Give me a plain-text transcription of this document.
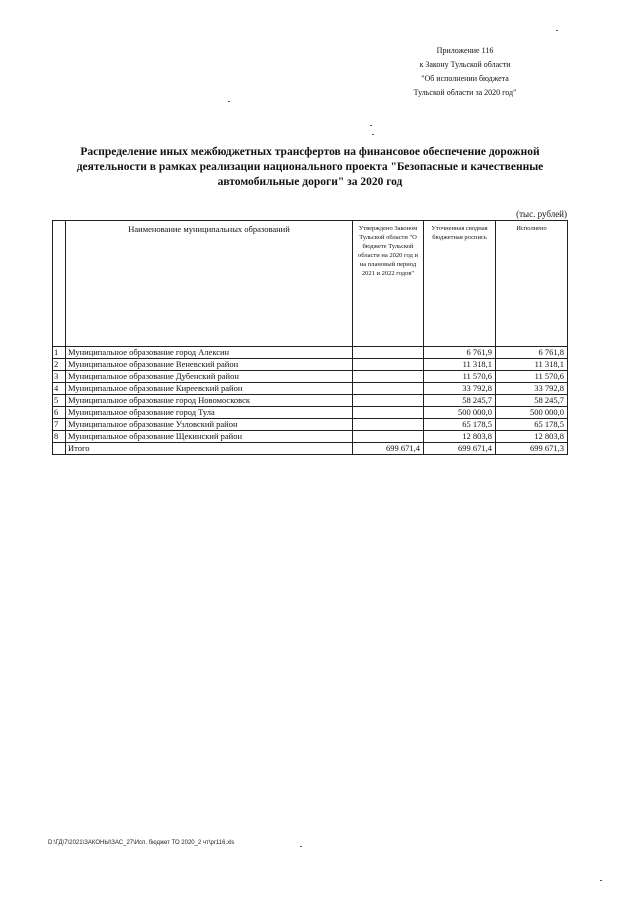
Приложение 116
к Закону Тульской области
"Об исполнении бюджета
Тульской области за 2020 год"
Распределение иных межбюджетных трансфертов на финансовое обеспечение дорожной деятельности в рамках реализации национального проекта "Безопасные и качественные автомобильные дороги" за 2020 год
(тыс. рублей)
	Наименование муниципальных образований	Утверждено Законом Тульской области "О бюджете Тульской области на 2020 год и на плановый период 2021 и 2022 годов"	Уточненная сводная бюджетная роспись	Исполнено
1	Муниципальное образование город Алексин		6 761,9	6 761,8
2	Муниципальное образование Веневский район		11 318,1	11 318,1
3	Муниципальное образование Дубенский район		11 570,6	11 570,6
4	Муниципальное образование Киреевский район		33 792,8	33 792,8
5	Муниципальное образование город Новомосковск		58 245,7	58 245,7
6	Муниципальное образование город Тула		500 000,0	500 000,0
7	Муниципальное образование Узловский район		65 178,5	65 178,5
8	Муниципальное образование Щекинский район		12 803,8	12 803,8
	Итого	699 671,4	699 671,4	699 671,3
D:\ГД\7\2021\ЗАКОНЫ\ЗАС_27\Исп. бюджет ТО 2020_2 чт\pr116.xls
